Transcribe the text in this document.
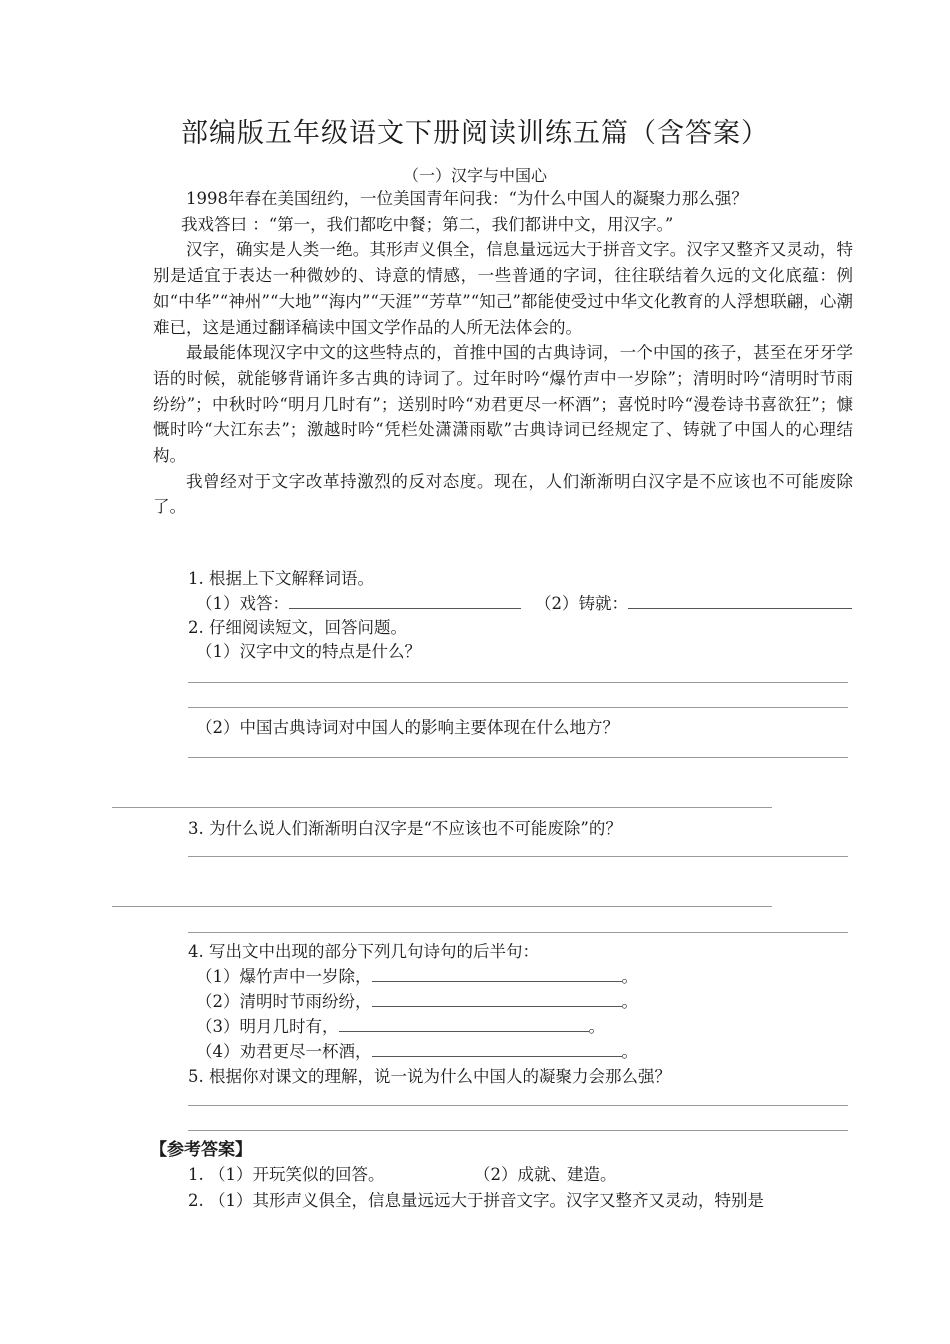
部编版五年级语文下册阅读训练五篇（含答案）
（一）汉字与中国心

1998年春在美国纽约，一位美国青年问我：“为什么中国人的凝聚力那么强？

我戏答曰 ：“第一，我们都吃中餐；第二，我们都讲中文，用汉字。”

汉字，确实是人类一绝。其形声义俱全，信息量远远大于拼音文字。汉字又整齐又灵动，特别是适宜于表达一种微妙的、诗意的情感，一些普通的字词，往往联结着久远的文化底蕴：例如“中华”“神州”“大地”“海内”“天涯”“芳草”“知己”都能使受过中华文化教育的人浮想联翩，心潮难已，这是通过翻译稿读中国文学作品的人所无法体会的。

最最能体现汉字中文的这些特点的，首推中国的古典诗词，一个中国的孩子，甚至在牙牙学语的时候，就能够背诵许多古典的诗词了。过年时吟“爆竹声中一岁除”；清明时吟“清明时节雨纷纷”；中秋时吟“明月几时有”；送别时吟“劝君更尽一杯酒”；喜悦时吟“漫卷诗书喜欲狂”；慷慨时吟“大江东去”；激越时吟“凭栏处潇潇雨歇”古典诗词已经规定了、铸就了中国人的心理结构。

我曾经对于文字改革持激烈的反对态度。现在，人们渐渐明白汉字是不应该也不可能废除了。

1. 根据上下文解释词语。
（1）戏答：	（2）铸就：
2. 仔细阅读短文，回答问题。
（1）汉字中文的特点是什么？
（2）中国古典诗词对中国人的影响主要体现在什么地方？
3. 为什么说人们渐渐明白汉字是“不应该也不可能废除”的？
4. 写出文中出现的部分下列几句诗句的后半句：
（1）爆竹声中一岁除，	。
（2）清明时节雨纷纷，	。
（3）明月几时有，	。
（4）劝君更尽一杯酒，	。
5. 根据你对课文的理解，说一说为什么中国人的凝聚力会那么强？
【参考答案】
1. （1）开玩笑似的回答。	（2）成就、建造。
2. （1）其形声义俱全，信息量远远大于拼音文字。汉字又整齐又灵动，特别是
